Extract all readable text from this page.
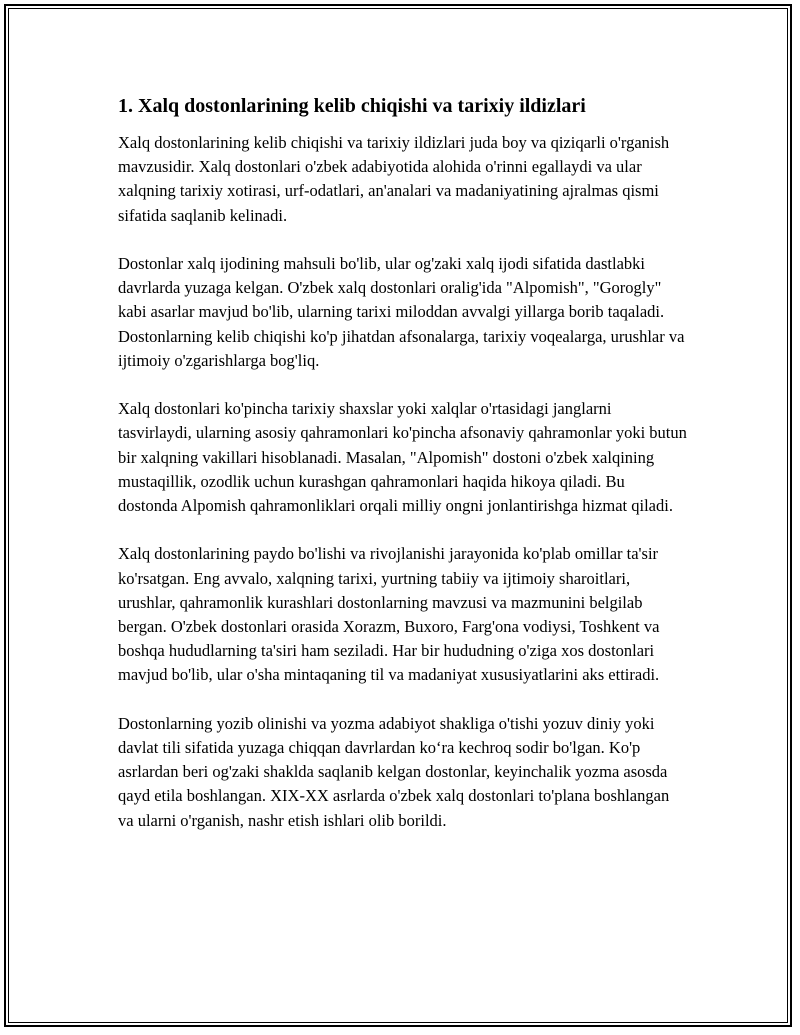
1. Xalq dostonlarining kelib chiqishi va tarixiy ildizlari

Xalq dostonlarining kelib chiqishi va tarixiy ildizlari juda boy va qiziqarli o'rganish mavzusidir. Xalq dostonlari o'zbek adabiyotida alohida o'rinni egallaydi va ular xalqning tarixiy xotirasi, urf-odatlari, an'analari va madaniyatining ajralmas qismi sifatida saqlanib kelinadi.

Dostonlar xalq ijodining mahsuli bo'lib, ular og'zaki xalq ijodi sifatida dastlabki davrlarda yuzaga kelgan. O'zbek xalq dostonlari oralig'ida "Alpomish", "Gorogly" kabi asarlar mavjud bo'lib, ularning tarixi miloddan avvalgi yillarga borib taqaladi. Dostonlarning kelib chiqishi ko'p jihatdan afsonalarga, tarixiy voqealarga, urushlar va ijtimoiy o'zgarishlarga bog'liq.

Xalq dostonlari ko'pincha tarixiy shaxslar yoki xalqlar o'rtasidagi janglarni tasvirlaydi, ularning asosiy qahramonlari ko'pincha afsonaviy qahramonlar yoki butun bir xalqning vakillari hisoblanadi. Masalan, "Alpomish" dostoni o'zbek xalqining mustaqillik, ozodlik uchun kurashgan qahramonlari haqida hikoya qiladi. Bu dostonda Alpomish qahramonliklari orqali milliy ongni jonlantirishga hizmat qiladi.

Xalq dostonlarining paydo bo'lishi va rivojlanishi jarayonida ko'plab omillar ta'sir ko'rsatgan. Eng avvalo, xalqning tarixi, yurtning tabiiy va ijtimoiy sharoitlari, urushlar, qahramonlik kurashlari dostonlarning mavzusi va mazmunini belgilab bergan. O'zbek dostonlari orasida Xorazm, Buxoro, Farg'ona vodiysi, Toshkent va boshqa hududlarning ta'siri ham seziladi. Har bir hududning o'ziga xos dostonlari mavjud bo'lib, ular o'sha mintaqaning til va madaniyat xususiyatlarini aks ettiradi.

Dostonlarning yozib olinishi va yozma adabiyot shakliga o'tishi yozuv diniy yoki davlat tili sifatida yuzaga chiqqan davrlardan ko‘ra kechroq sodir bo'lgan. Ko'p asrlardan beri og'zaki shaklda saqlanib kelgan dostonlar, keyinchalik yozma asosda qayd etila boshlangan. XIX-XX asrlarda o'zbek xalq dostonlari to'plana boshlangan va ularni o'rganish, nashr etish ishlari olib borildi.
